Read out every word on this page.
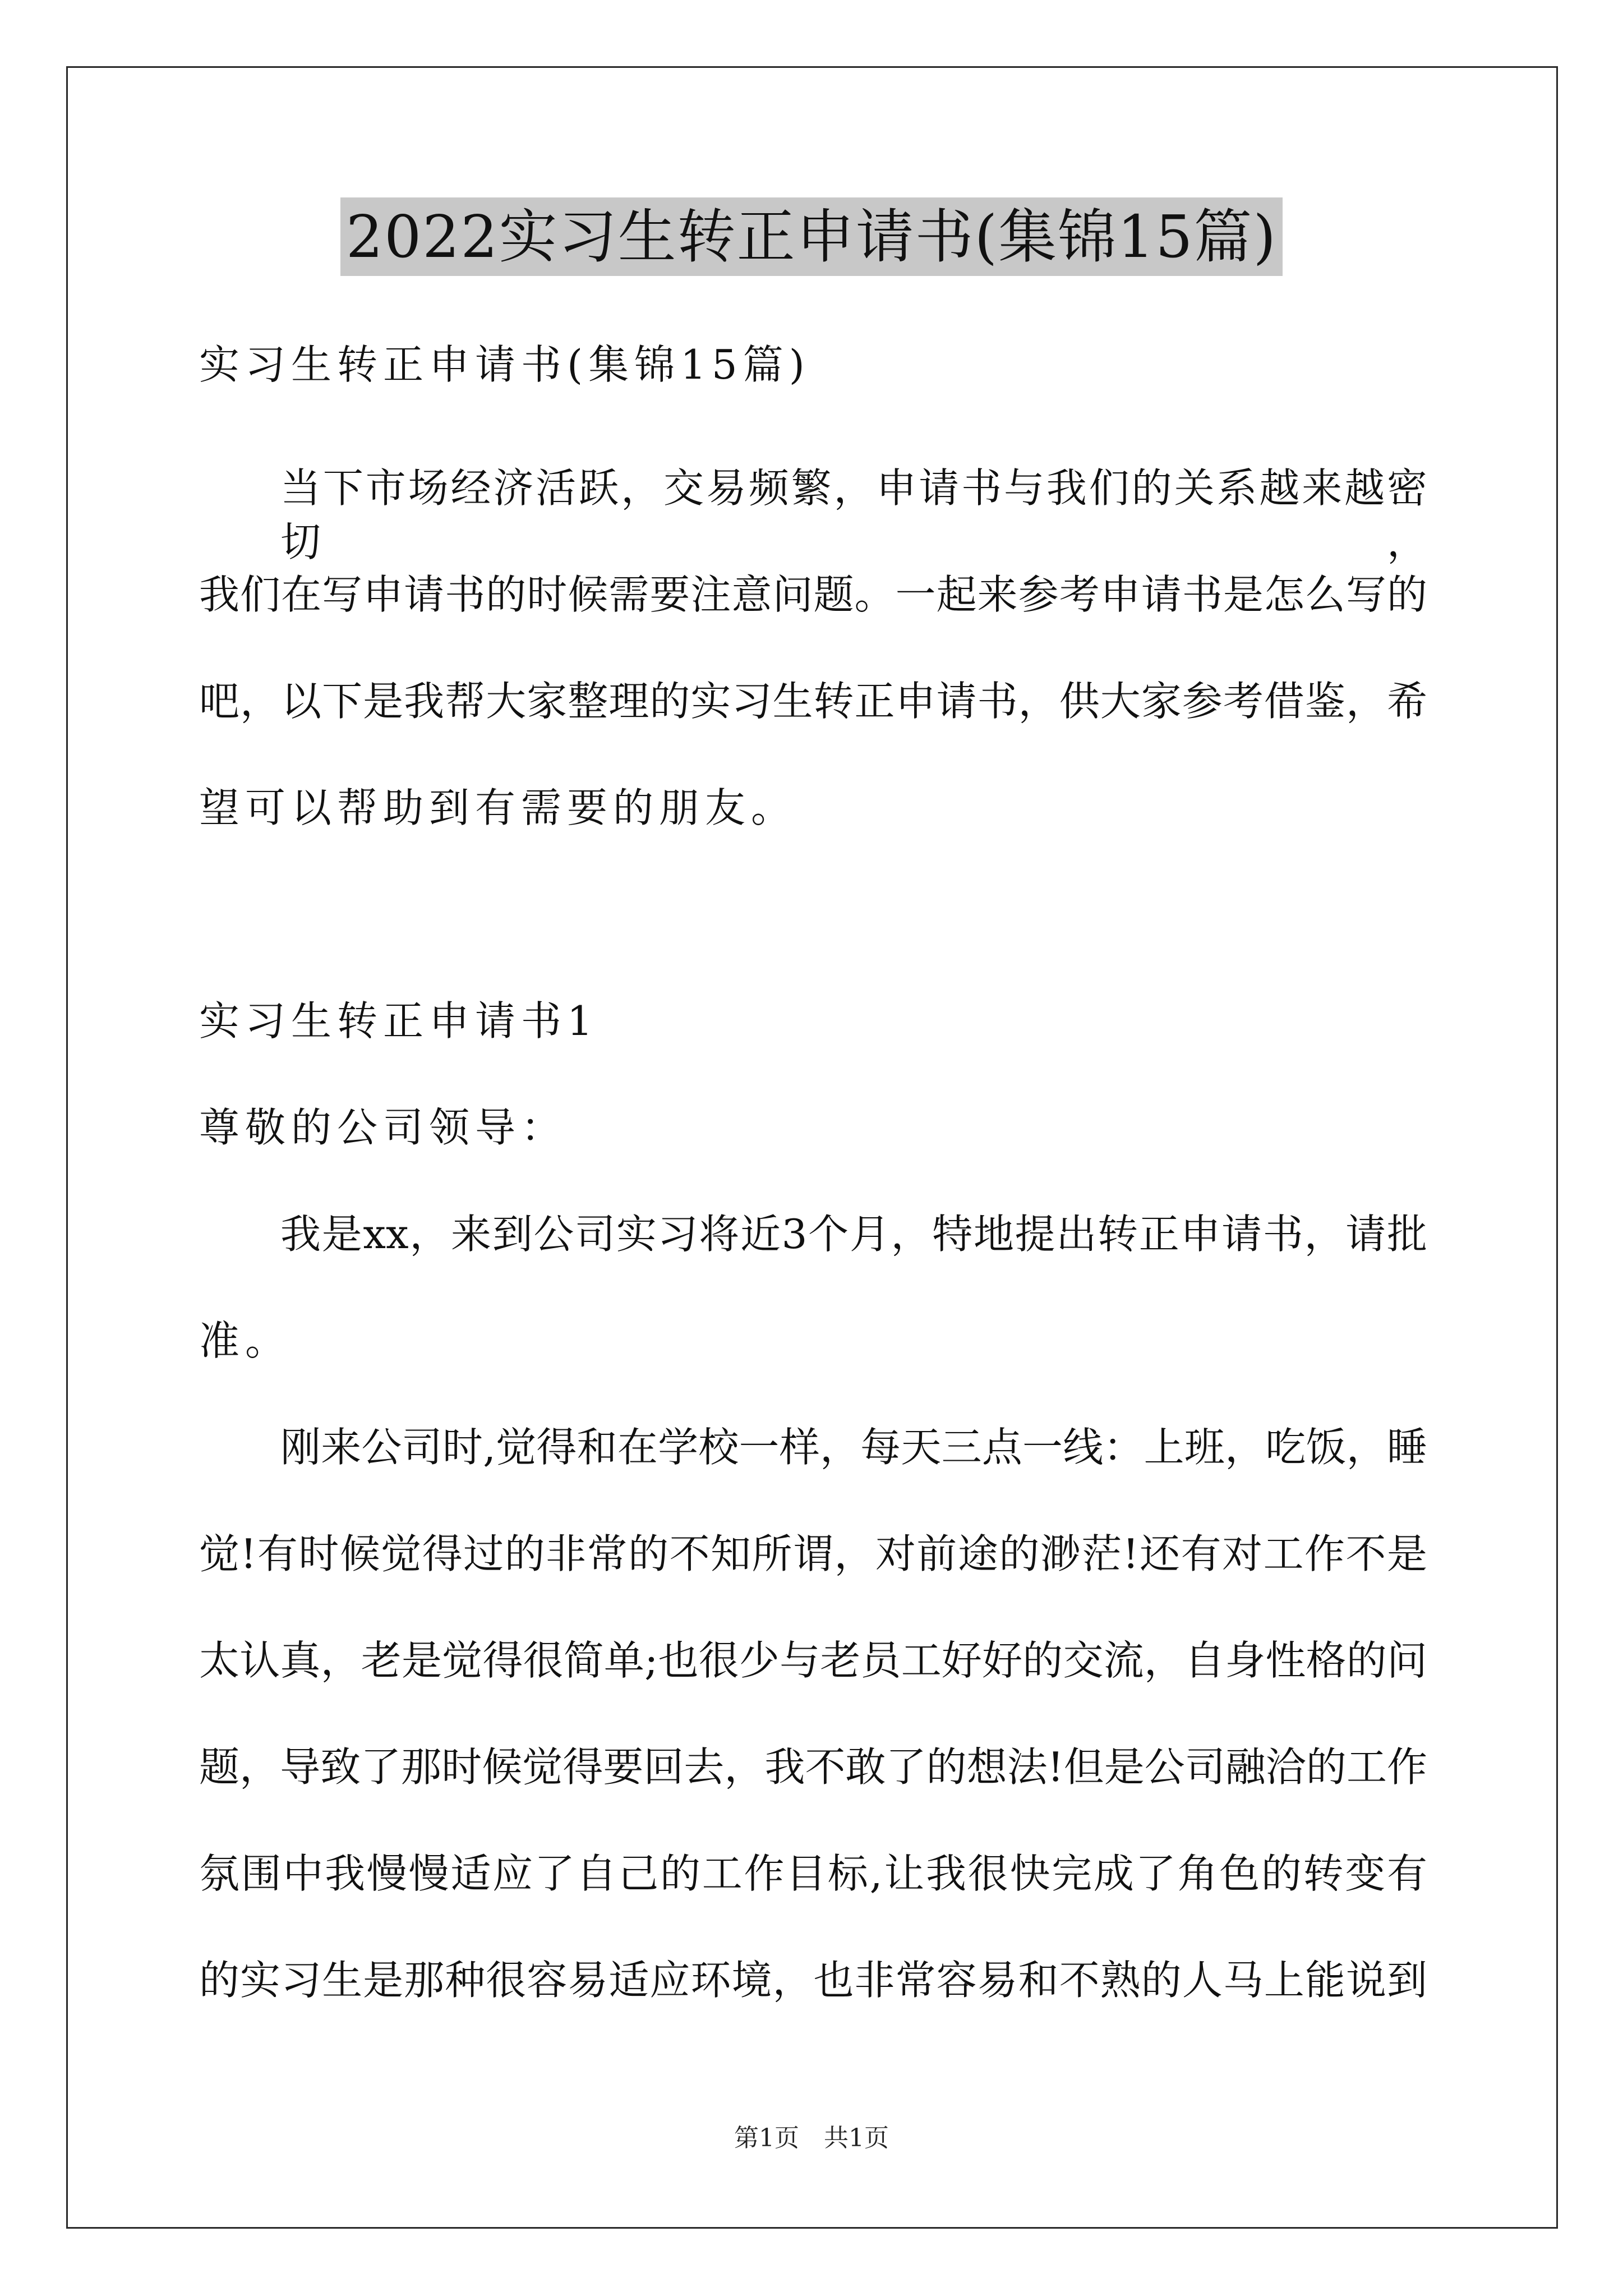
2022实习生转正申请书(集锦15篇)
实习生转正申请书(集锦15篇)
当下市场经济活跃，交易频繁，申请书与我们的关系越来越密切，
我们在写申请书的时候需要注意问题。一起来参考申请书是怎么写的
吧，以下是我帮大家整理的实习生转正申请书，供大家参考借鉴，希
望可以帮助到有需要的朋友。
实习生转正申请书1
尊敬的公司领导：
我是xx，来到公司实习将近3个月，特地提出转正申请书，请批
准。
刚来公司时,觉得和在学校一样，每天三点一线：上班，吃饭，睡
觉!有时候觉得过的非常的不知所谓，对前途的渺茫!还有对工作不是
太认真，老是觉得很简单;也很少与老员工好好的交流，自身性格的问
题，导致了那时候觉得要回去，我不敢了的想法!但是公司融洽的工作
氛围中我慢慢适应了自己的工作目标,让我很快完成了角色的转变有
的实习生是那种很容易适应环境，也非常容易和不熟的人马上能说到
第1页　共1页
